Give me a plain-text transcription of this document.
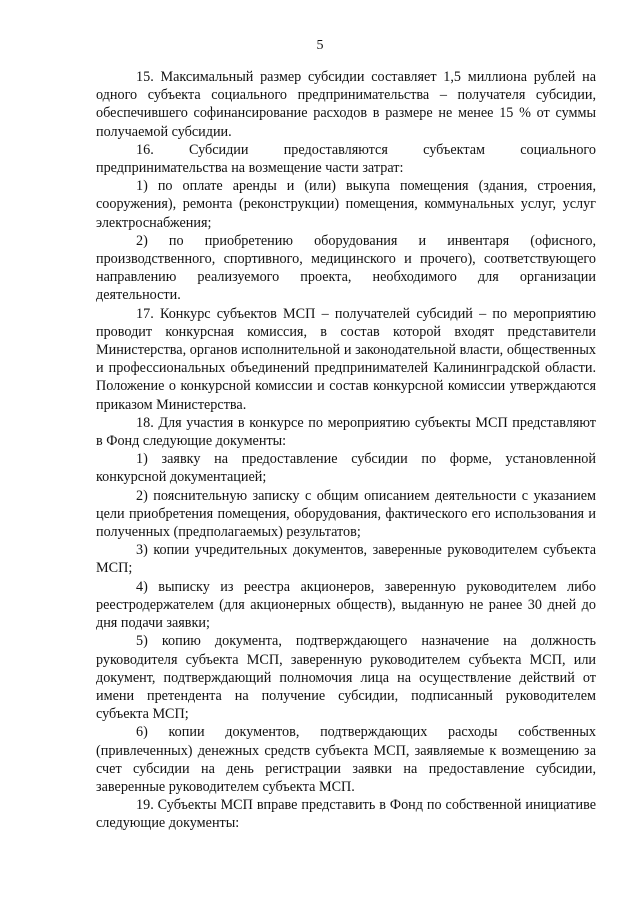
5

15. Максимальный размер субсидии составляет 1,5 миллиона рублей на одного субъекта социального предпринимательства – получателя субсидии, обеспечившего софинансирование расходов в размере не менее 15 % от суммы получаемой субсидии.

16. Субсидии предоставляются субъектам социального предпринимательства на возмещение части затрат:

1) по оплате аренды и (или) выкупа помещения (здания, строения, сооружения), ремонта (реконструкции) помещения, коммунальных услуг, услуг электроснабжения;

2) по приобретению оборудования и инвентаря (офисного, производственного, спортивного, медицинского и прочего), соответствующего направлению реализуемого проекта, необходимого для организации деятельности.

17. Конкурс субъектов МСП – получателей субсидий – по мероприятию проводит конкурсная комиссия, в состав которой входят представители Министерства, органов исполнительной и законодательной власти, общественных и профессиональных объединений предпринимателей Калининградской области. Положение о конкурсной комиссии и состав конкурсной комиссии утверждаются приказом Министерства.

18. Для участия в конкурсе по мероприятию субъекты МСП представляют в Фонд следующие документы:

1) заявку на предоставление субсидии по форме, установленной конкурсной документацией;

2) пояснительную записку с общим описанием деятельности с указанием цели приобретения помещения, оборудования, фактического его использования и полученных (предполагаемых) результатов;

3) копии учредительных документов, заверенные руководителем субъекта МСП;

4) выписку из реестра акционеров, заверенную руководителем либо реестродержателем (для акционерных обществ), выданную не ранее 30 дней до дня подачи заявки;

5) копию документа, подтверждающего назначение на должность руководителя субъекта МСП, заверенную руководителем субъекта МСП, или документ, подтверждающий полномочия лица на осуществление действий от имени претендента на получение субсидии, подписанный руководителем субъекта МСП;

6) копии документов, подтверждающих расходы собственных (привлеченных) денежных средств субъекта МСП, заявляемые к возмещению за счет субсидии на день регистрации заявки на предоставление субсидии, заверенные руководителем субъекта МСП.

19. Субъекты МСП вправе представить в Фонд по собственной инициативе следующие документы:
